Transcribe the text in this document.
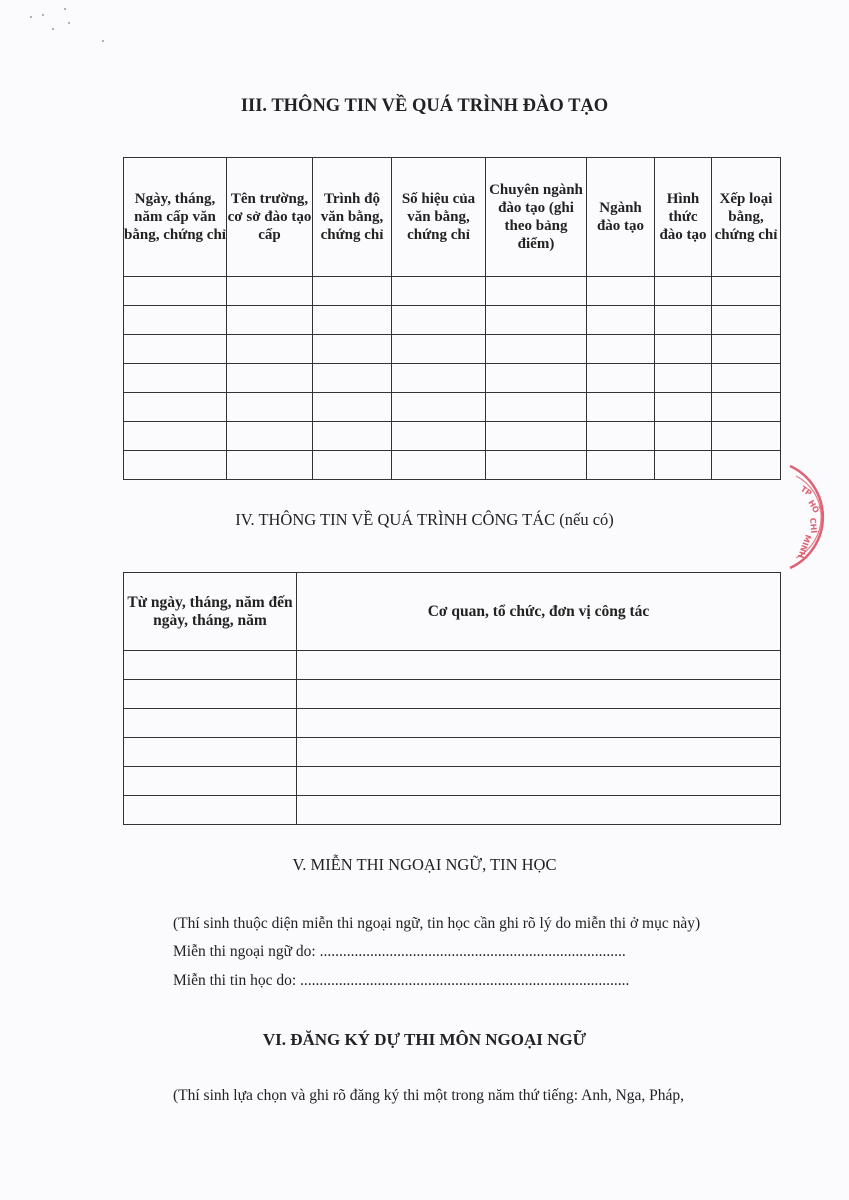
III. THÔNG TIN VỀ QUÁ TRÌNH ĐÀO TẠO
Ngày, tháng, năm cấp văn bằng, chứng chỉ	Tên trường, cơ sở đào tạo cấp	Trình độ văn bằng, chứng chỉ	Số hiệu của văn bằng, chứng chỉ	Chuyên ngành đào tạo (ghi theo bảng điểm)	Ngành đào tạo	Hình thức đào tạo	Xếp loại bằng, chứng chỉ

IV. THÔNG TIN VỀ QUÁ TRÌNH CÔNG TÁC (nếu có)
Từ ngày, tháng, năm đến ngày, tháng, năm	Cơ quan, tổ chức, đơn vị công tác

V. MIỄN THI NGOẠI NGỮ, TIN HỌC
(Thí sinh thuộc diện miễn thi ngoại ngữ, tin học cần ghi rõ lý do miễn thi ở mục này)
Miễn thi ngoại ngữ do: ...............................................................................
Miễn thi tin học do: .....................................................................................
VI. ĐĂNG KÝ DỰ THI MÔN NGOẠI NGỮ
(Thí sinh lựa chọn và ghi rõ đăng ký thi một trong năm thứ tiếng: Anh, Nga, Pháp,
TP
HỒ
CHÍ
MINH
